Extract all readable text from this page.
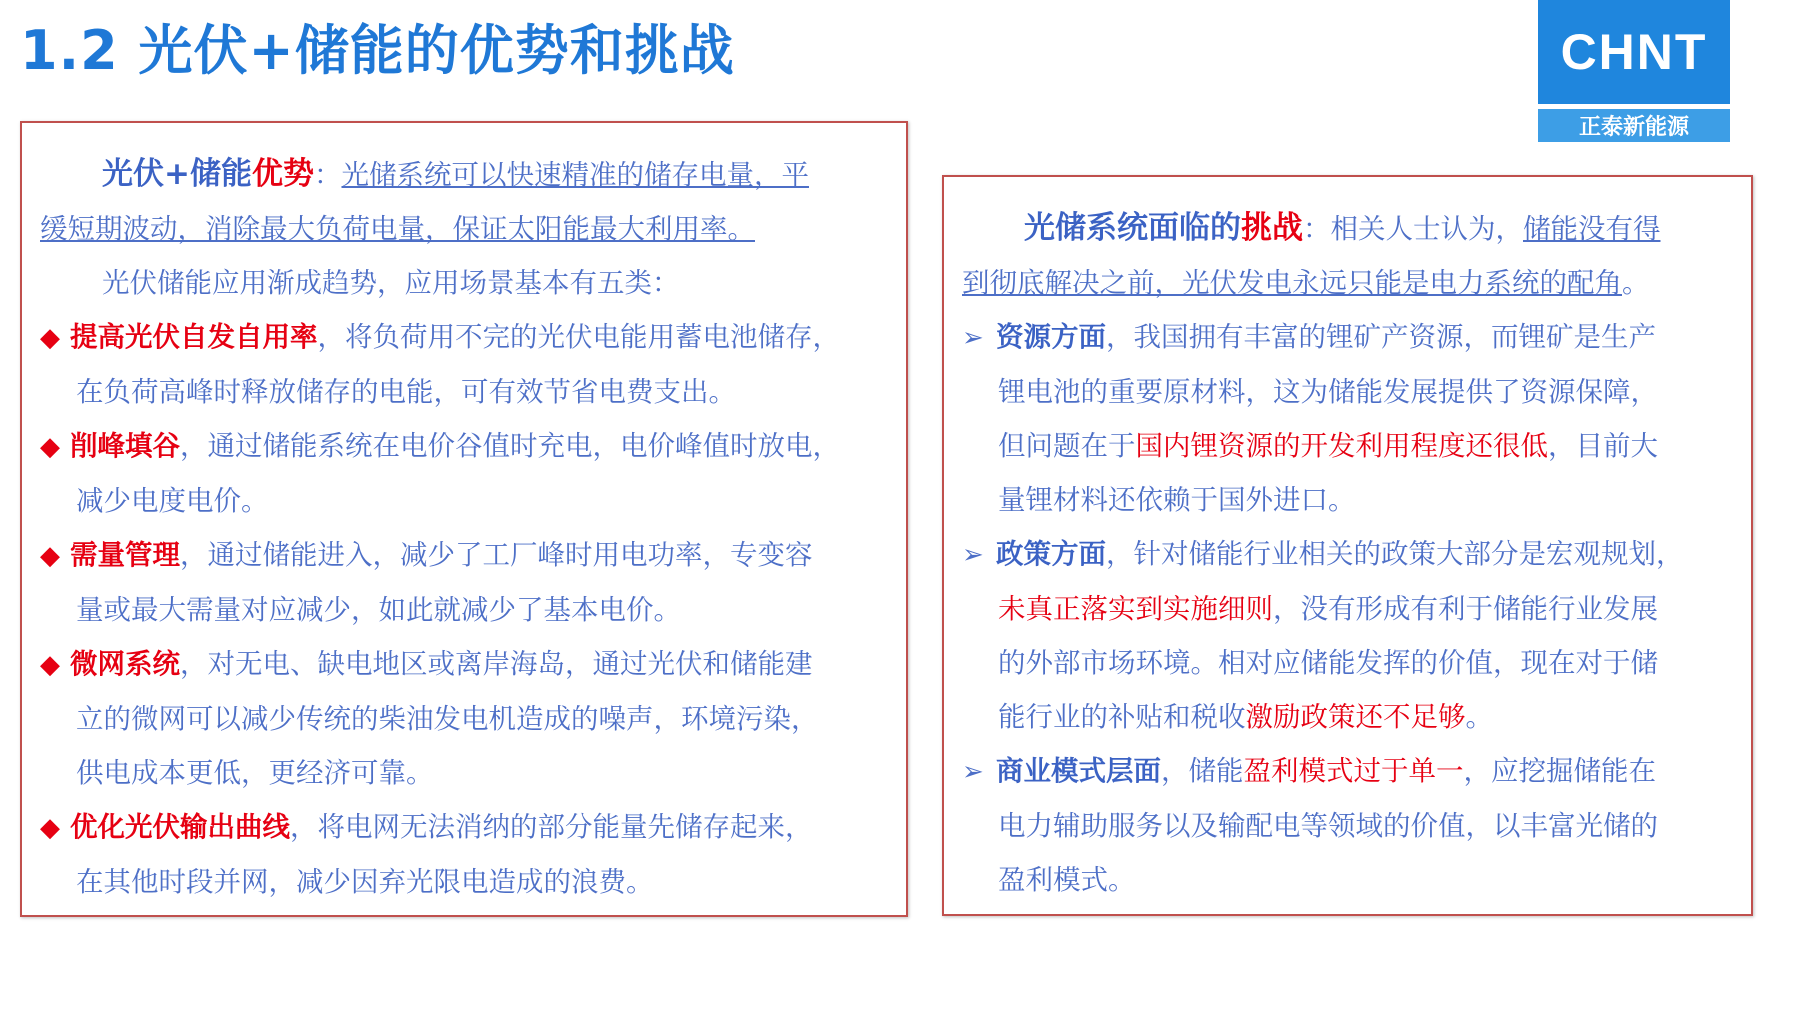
1.2 光伏+储能的优势和挑战	CHNT
正泰新能源
光伏+储能优势：光储系统可以快速精准的储存电量，平
缓短期波动，消除最大负荷电量，保证太阳能最大利用率。
光伏储能应用渐成趋势，应用场景基本有五类：
◆ 提高光伏自发自用率，将负荷用不完的光伏电能用蓄电池储存，
在负荷高峰时释放储存的电能，可有效节省电费支出。
◆ 削峰填谷，通过储能系统在电价谷值时充电，电价峰值时放电，
减少电度电价。
◆ 需量管理，通过储能进入，减少了工厂峰时用电功率，专变容
量或最大需量对应减少，如此就减少了基本电价。
◆ 微网系统，对无电、缺电地区或离岸海岛，通过光伏和储能建
立的微网可以减少传统的柴油发电机造成的噪声，环境污染，
供电成本更低，更经济可靠。
◆ 优化光伏输出曲线，将电网无法消纳的部分能量先储存起来，
在其他时段并网，减少因弃光限电造成的浪费。
光储系统面临的挑战：相关人士认为，储能没有得
到彻底解决之前，光伏发电永远只能是电力系统的配角。
➢ 资源方面，我国拥有丰富的锂矿产资源，而锂矿是生产
锂电池的重要原材料，这为储能发展提供了资源保障，
但问题在于国内锂资源的开发利用程度还很低，目前大
量锂材料还依赖于国外进口。
➢ 政策方面，针对储能行业相关的政策大部分是宏观规划，
未真正落实到实施细则，没有形成有利于储能行业发展
的外部市场环境。相对应储能发挥的价值，现在对于储
能行业的补贴和税收激励政策还不足够。
➢ 商业模式层面，储能盈利模式过于单一，应挖掘储能在
电力辅助服务以及输配电等领域的价值，以丰富光储的
盈利模式。
